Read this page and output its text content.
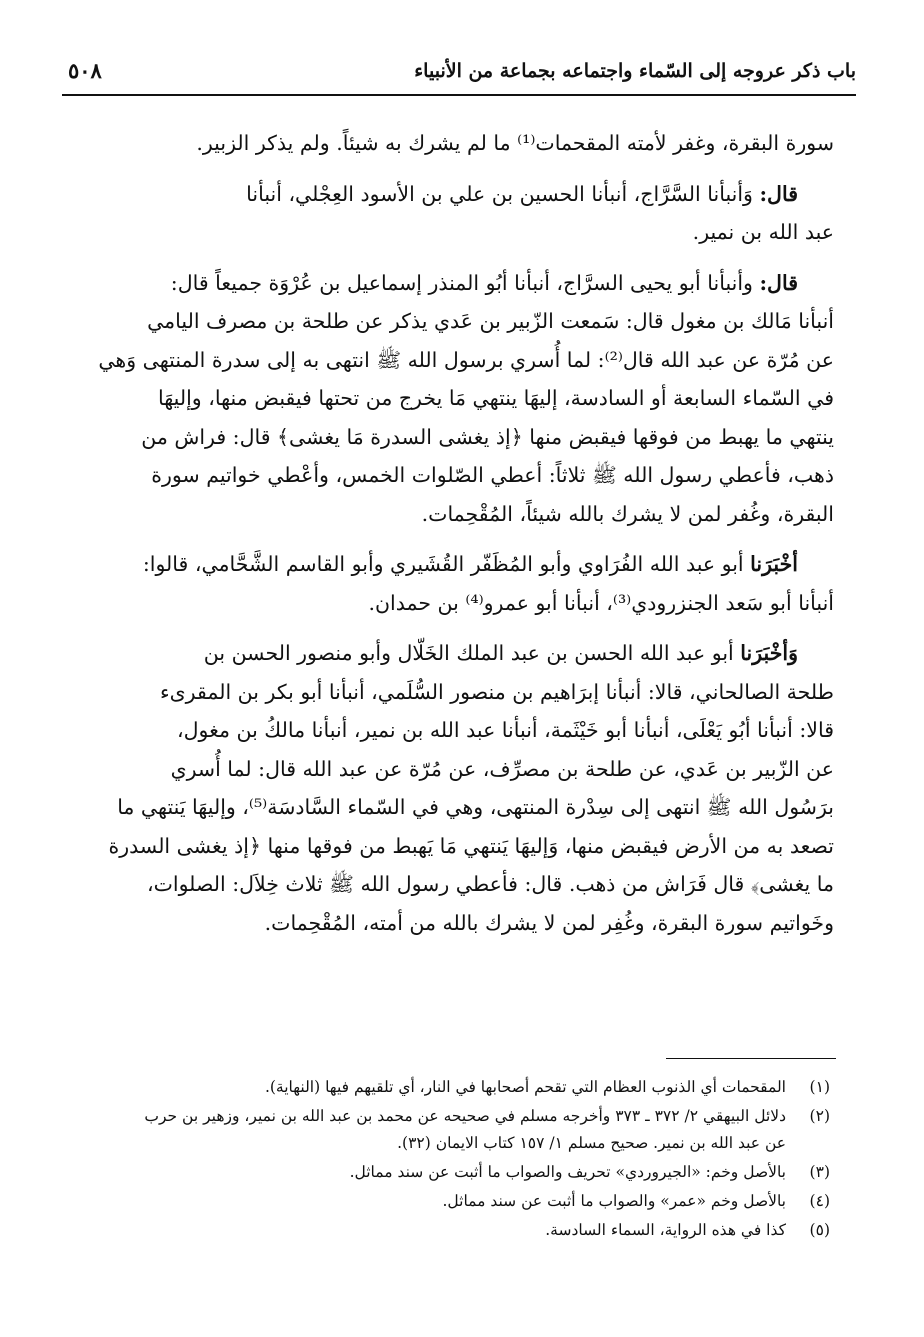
باب ذكر عروجه إلى السّماء واجتماعه بجماعة من الأنبياء
٥٠٨
سورة البقرة، وغفر لأمته المقحمات⁽¹⁾ ما لم يشرك به شيئاً. ولم يذكر الزبير.
قال: وَأنبأنا السَّرَّاج، أنبأنا الحسين بن علي بن الأسود العِجْلي، أنبأنا
عبد الله بن نمير.
قال: وأنبأنا أبو يحيى السرَّاج، أنبأنا أبُو المنذر إسماعيل بن عُرْوَة جميعاً قال:
أنبأنا مَالك بن مغول قال: سَمعت الزّبير بن عَدي يذكر عن طلحة بن مصرف اليامي
عن مُرّة عن عبد الله قال⁽²⁾: لما أُسري برسول الله ﷺ انتهى به إلى سدرة المنتهى وَهي
في السّماء السابعة أو السادسة، إليهَا ينتهي مَا يخرج من تحتها فيقبض منها، وإليهَا
ينتهي ما يهبط من فوقها فيقبض منها ﴿إذ يغشى السدرة مَا يغشى﴾ قال: فراش من
ذهب، فأعطي رسول الله ﷺ ثلاثاً: أعطي الصّلوات الخمس، وأعْطي خواتيم سورة
البقرة، وغُفر لمن لا يشرك بالله شيئاً، المُقْحِمات.
أخْبَرَنا أبو عبد الله الفُرَاوي وأبو المُظَفّر القُشَيري وأبو القاسم الشَّحَّامي، قالوا:
أنبأنا أبو سَعد الجنزرودي⁽³⁾، أنبأنا أبو عمرو⁽⁴⁾ بن حمدان.
وَأخْبَرَنا أبو عبد الله الحسن بن عبد الملك الخَلّال وأبو منصور الحسن بن
طلحة الصالحاني، قالا: أنبأنا إبرَاهيم بن منصور السُّلَمي، أنبأنا أبو بكر بن المقرىء
قالا: أنبأنا أبُو يَعْلَى، أنبأنا أبو خَيْثَمة، أنبأنا عبد الله بن نمير، أنبأنا مالكُ بن مغول،
عن الزّبير بن عَدي، عن طلحة بن مصرِّف، عن مُرّة عن عبد الله قال: لما أُسري
برَسُول الله ﷺ انتهى إلى سِدْرة المنتهى، وهي في السّماء السَّادسَة⁽⁵⁾، وإليهَا يَنتهي ما
تصعد به من الأرض فيقبض منها، وَإليهَا يَنتهي مَا يَهبط من فوقها منها ﴿إذ يغشى السدرة
ما يغشى﴾ قال فَرَاش من ذهب. قال: فأعطي رسول الله ﷺ ثلاث خِلاَل: الصلوات،
وخَواتيم سورة البقرة، وغُفِر لمن لا يشرك بالله من أمته، المُقْحِمات.
(١)
المقحمات أي الذنوب العظام التي تقحم أصحابها في النار، أي تلقيهم فيها (النهاية).
(٢)
دلائل البيهقي ٢/ ٣٧٢ ـ ٣٧٣ وأخرجه مسلم في صحيحه عن محمد بن عبد الله بن نمير، وزهير بن حرب
عن عبد الله بن نمير. صحيح مسلم ١/ ١٥٧ كتاب الايمان (٣٢).
(٣)
بالأصل وخم: «الجيروردي» تحريف والصواب ما أثبت عن سند مماثل.
(٤)
بالأصل وخم «عمر» والصواب ما أثبت عن سند مماثل.
(٥)
كذا في هذه الرواية، السماء السادسة.
